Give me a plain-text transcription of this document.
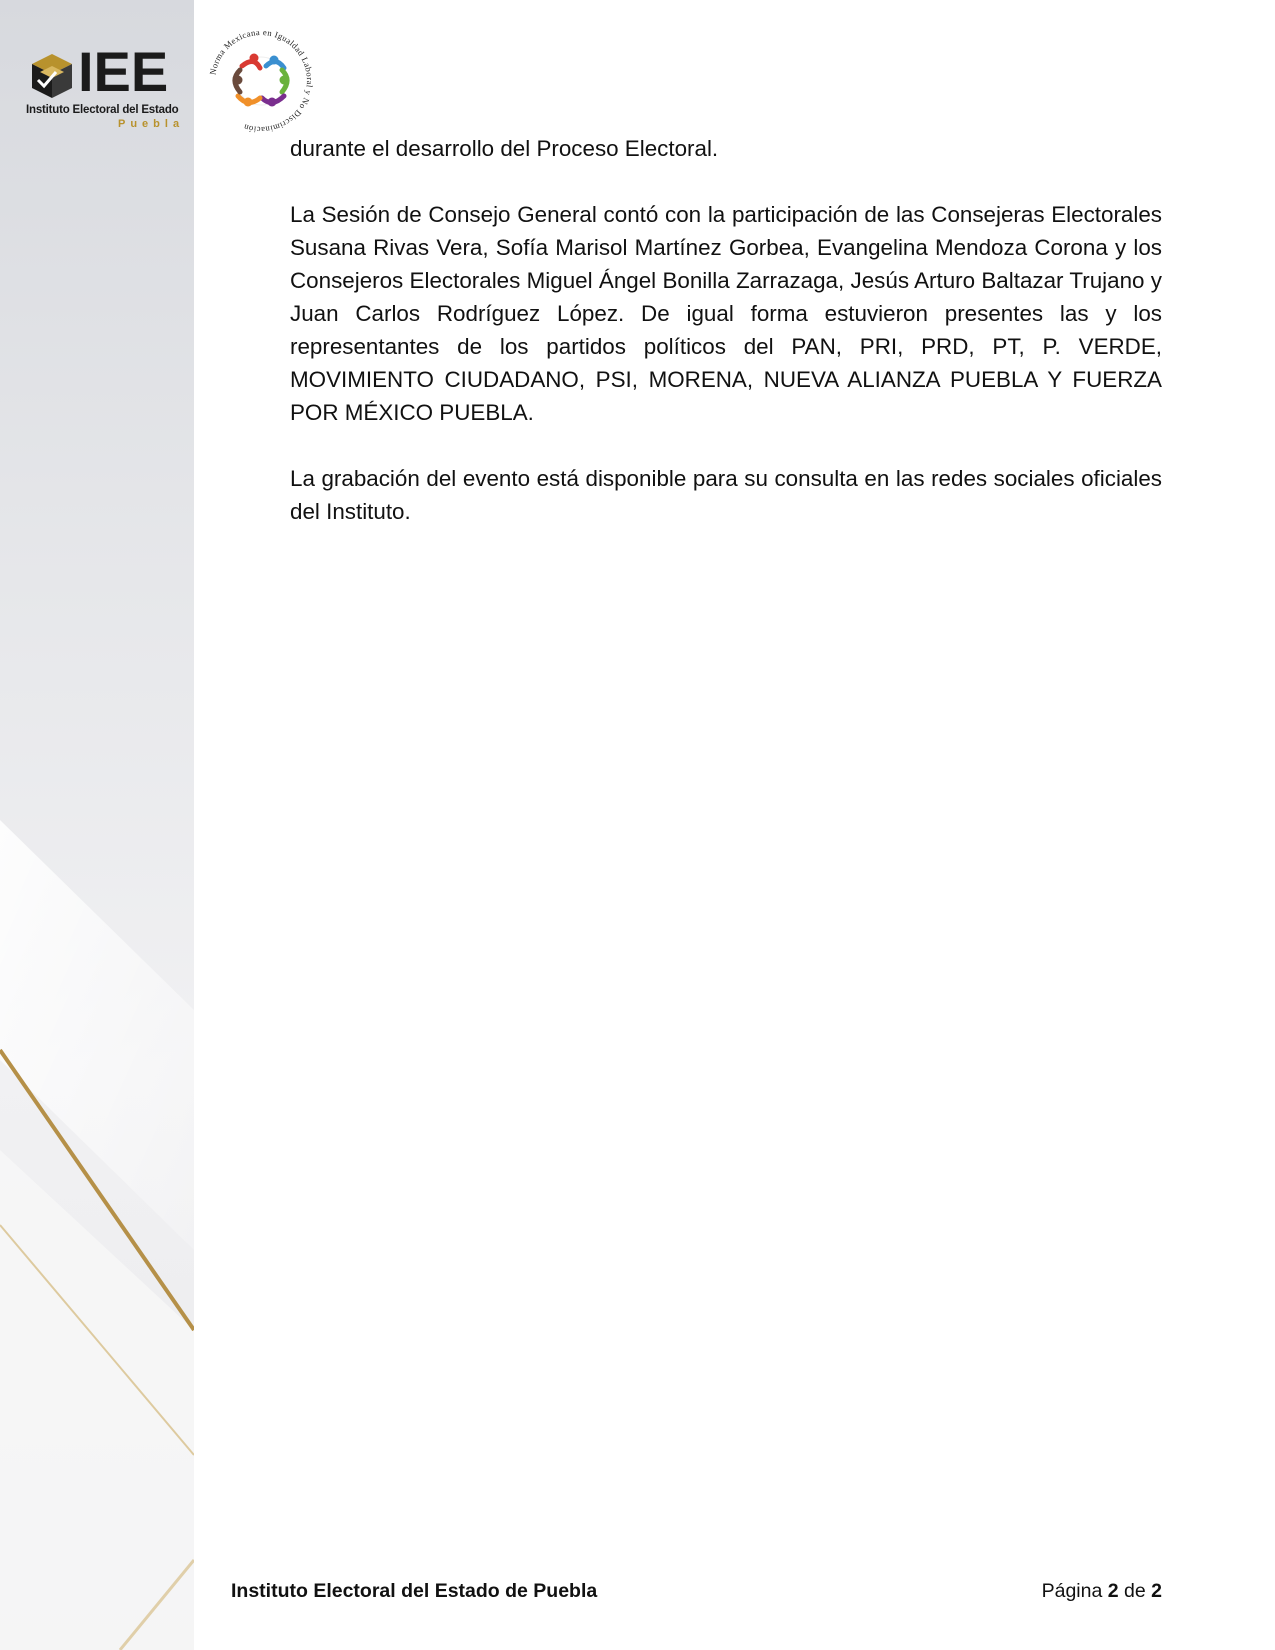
IEE
Instituto Electoral del Estado
Puebla
Norma Mexicana en Igualdad Laboral y No Discriminación

durante el desarrollo del Proceso Electoral.

La Sesión de Consejo General contó con la participación de las Consejeras Electorales Susana Rivas Vera, Sofía Marisol Martínez Gorbea, Evangelina Mendoza Corona y los Consejeros Electorales Miguel Ángel Bonilla Zarrazaga, Jesús Arturo Baltazar Trujano y Juan Carlos Rodríguez López. De igual forma estuvieron presentes las y los representantes de los partidos políticos del PAN, PRI, PRD, PT, P. VERDE, MOVIMIENTO CIUDADANO, PSI, MORENA, NUEVA ALIANZA PUEBLA Y FUERZA POR MÉXICO PUEBLA.

La grabación del evento está disponible para su consulta en las redes sociales oficiales del Instituto.

Instituto Electoral del Estado de Puebla	Página 2 de 2
